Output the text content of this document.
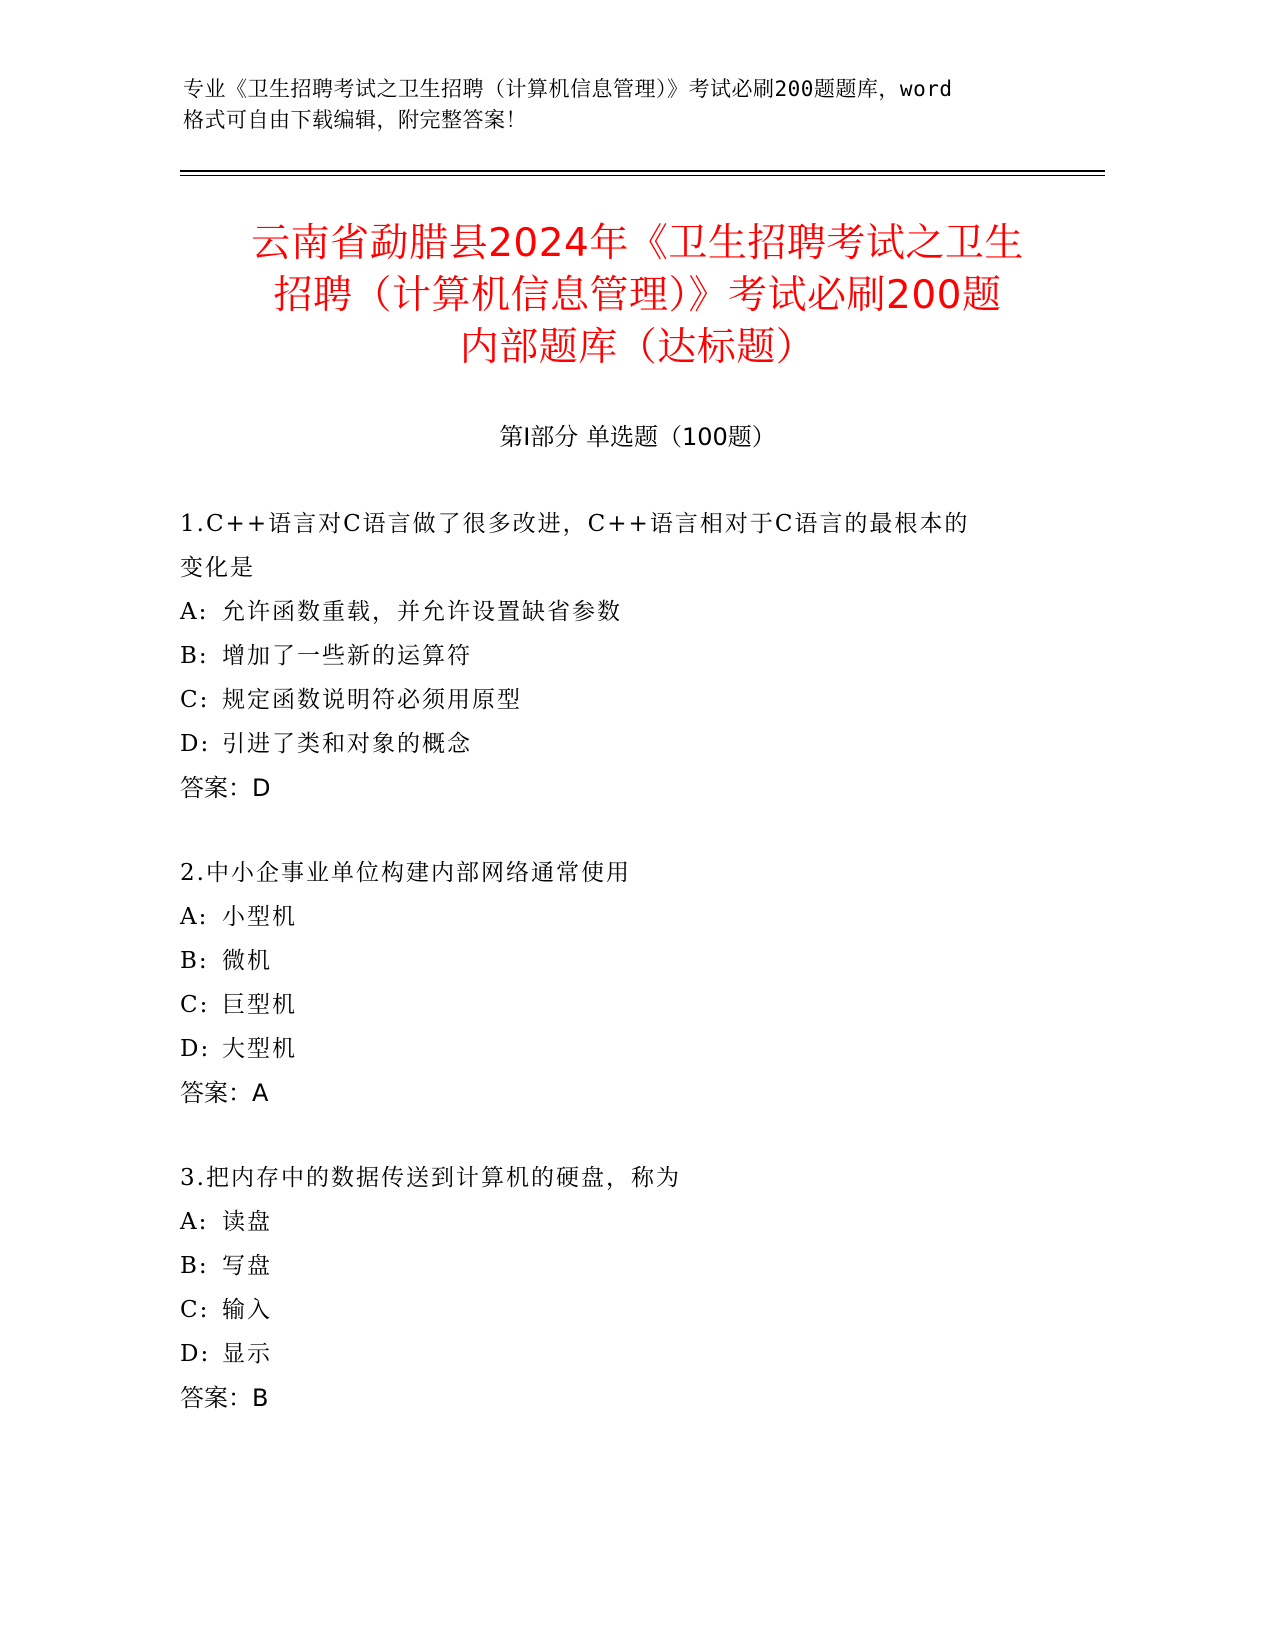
专业《卫生招聘考试之卫生招聘（计算机信息管理）》考试必刷200题题库，word
格式可自由下载编辑，附完整答案！
云南省勐腊县2024年《卫生招聘考试之卫生
招聘（计算机信息管理）》考试必刷200题
内部题库（达标题）
第Ⅰ部分 单选题（100题）
1.C++语言对C语言做了很多改进，C++语言相对于C语言的最根本的
变化是
A: 允许函数重载，并允许设置缺省参数
B: 增加了一些新的运算符
C: 规定函数说明符必须用原型
D: 引进了类和对象的概念
答案：D
2.中小企事业单位构建内部网络通常使用
A: 小型机
B: 微机
C: 巨型机
D: 大型机
答案：A
3.把内存中的数据传送到计算机的硬盘，称为
A: 读盘
B: 写盘
C: 输入
D: 显示
答案：B
